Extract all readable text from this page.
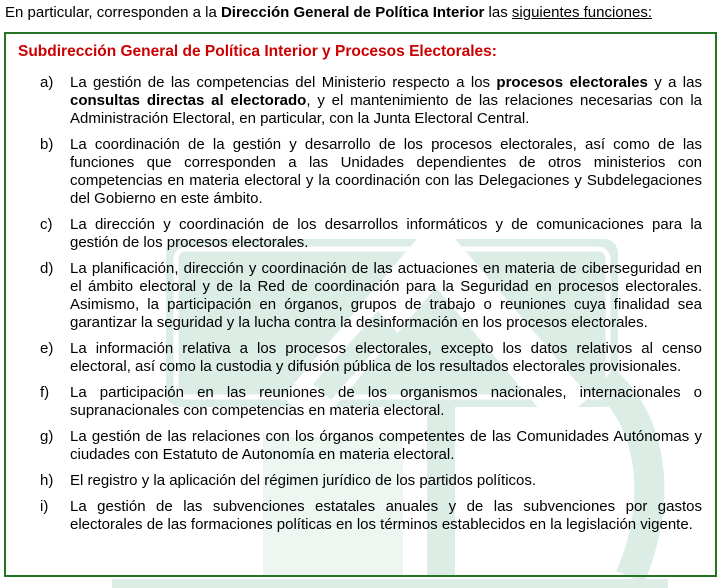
En particular, corresponden a la Dirección General de Política Interior las siguientes funciones:

Subdirección General de Política Interior y Procesos Electorales:
a)	La gestión de las competencias del Ministerio respecto a los procesos electorales y a las consultas directas al electorado, y el mantenimiento de las relaciones necesarias con la Administración Electoral, en particular, con la Junta Electoral Central.
b)	La coordinación de la gestión y desarrollo de los procesos electorales, así como de las funciones que corresponden a las Unidades dependientes de otros ministerios con competencias en materia electoral y la coordinación con las Delegaciones y Subdelegaciones del Gobierno en este ámbito.
c)	La dirección y coordinación de los desarrollos informáticos y de comunicaciones para la gestión de los procesos electorales.
d)	La planificación, dirección y coordinación de las actuaciones en materia de ciberseguridad en el ámbito electoral y de la Red de coordinación para la Seguridad en procesos electorales. Asimismo, la participación en órganos, grupos de trabajo o reuniones cuya finalidad sea garantizar la seguridad y la lucha contra la desinformación en los procesos electorales.
e)	La información relativa a los procesos electorales, excepto los datos relativos al censo electoral, así como la custodia y difusión pública de los resultados electorales provisionales.
f)	La participación en las reuniones de los organismos nacionales, internacionales o supranacionales con competencias en materia electoral.
g)	La gestión de las relaciones con los órganos competentes de las Comunidades Autónomas y ciudades con Estatuto de Autonomía en materia electoral.
h)	El registro y la aplicación del régimen jurídico de los partidos políticos.
i)	La gestión de las subvenciones estatales anuales y de las subvenciones por gastos electorales de las formaciones políticas en los términos establecidos en la legislación vigente.
